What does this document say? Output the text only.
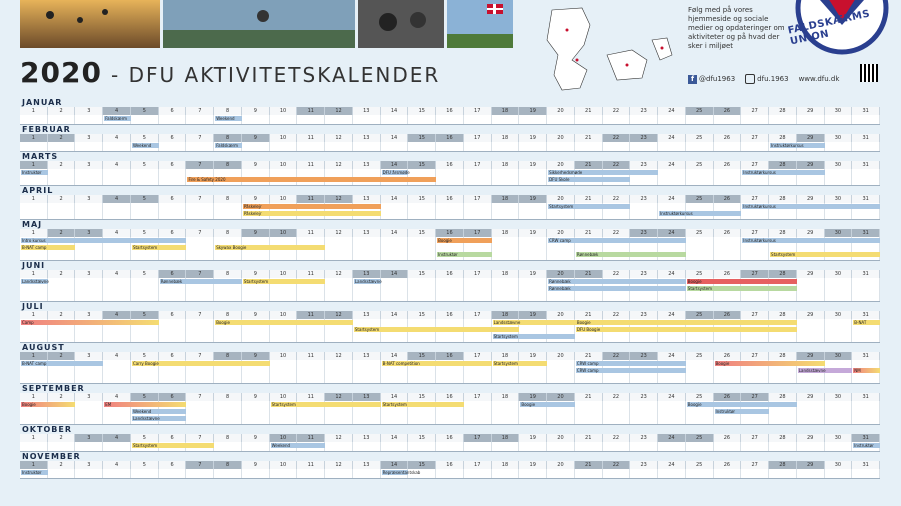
Følg med på vores hjemmeside og sociale medier og opdateringer om aktiviteter og på hvad der sker i miljøet
f @dfu1963	dfu.1963 www.dfu.dk
FALDSKÆRMS UNION
2020 - DFU AKTIVITETSKALENDER
JANUAR
1	2	3	4	5	6	7	8	9	10	11	12	13	14	15	16	17	18	19	20	21	22	23	24	25	26	27	28	29	30	31
Faldskærm	Weekend
FEBRUAR
1	2	3	4	5	6	7	8	9	10	11	12	13	14	15	16	17	18	19	20	21	22	23	24	25	26	27	28	29	30	31
Weekend	Faldskærm	Instruktørkursus
MARTS
1	2	3	4	5	6	7	8	9	10	11	12	13	14	15	16	17	18	19	20	21	22	23	24	25	26	27	28	29	30	31
Instruktør
Fire & Safety 2020
DFU årsmøde	Sikkerhedsmøde
DFU Skole
Instruktørkursus
APRIL
1	2	3	4	5	6	7	8	9	10	11	12	13	14	15	16	17	18	19	20	21	22	23	24	25	26	27	28	29	30	31
Påskelejr
Påskelejr
Startsystem
Instruktørkursus
Instruktørkursus
MAJ
1	2	3	4	5	6	7	8	9	10	11	12	13	14	15	16	17	18	19	20	21	22	23	24	25	26	27	28	29	30	31
Intro kursus
B-NAT camp	Startsystem	Skywax Boogie
Boogie
Instruktør
CRW camp
Rønnebæk
Instruktørkursus
Startsystem
JUNI
1	2	3	4	5	6	7	8	9	10	11	12	13	14	15	16	17	18	19	20	21	22	23	24	25	26	27	28	29	30	31
Landsstævne	Rønnebæk	Startsystem	Landsstævne	Rønnebæk
Rønnebæk
Boogie
Startsystem
JULI
1	2	3	4	5	6	7	8	9	10	11	12	13	14	15	16	17	18	19	20	21	22	23	24	25	26	27	28	29	30	31
Camp	Boogie
Startsystem
Landsstævne
Startsystem
Boogie
DFU Boogie
B-NAT
AUGUST
1	2	3	4	5	6	7	8	9	10	11	12	13	14	15	16	17	18	19	20	21	22	23	24	25	26	27	28	29	30	31
B-NAT camp	Carry Boogie	B-NAT competition	Startsystem	CRW camp
CRW camp
Boogie
Landsstævne	NM
SEPTEMBER
1	2	3	4	5	6	7	8	9	10	11	12	13	14	15	16	17	18	19	20	21	22	23	24	25	26	27	28	29	30	31
Boogie	EM
Weekend
Landsstævne
Startsystem	Startsystem	Boogie	Boogie
Instruktør
OKTOBER
1	2	3	4	5	6	7	8	9	10	11	12	13	14	15	16	17	18	19	20	21	22	23	24	25	26	27	28	29	30	31
Startsystem	Weekend	Instruktør
NOVEMBER
1	2	3	4	5	6	7	8	9	10	11	12	13	14	15	16	17	18	19	20	21	22	23	24	25	26	27	28	29	30	31
Instruktør	Repræsentantskab
